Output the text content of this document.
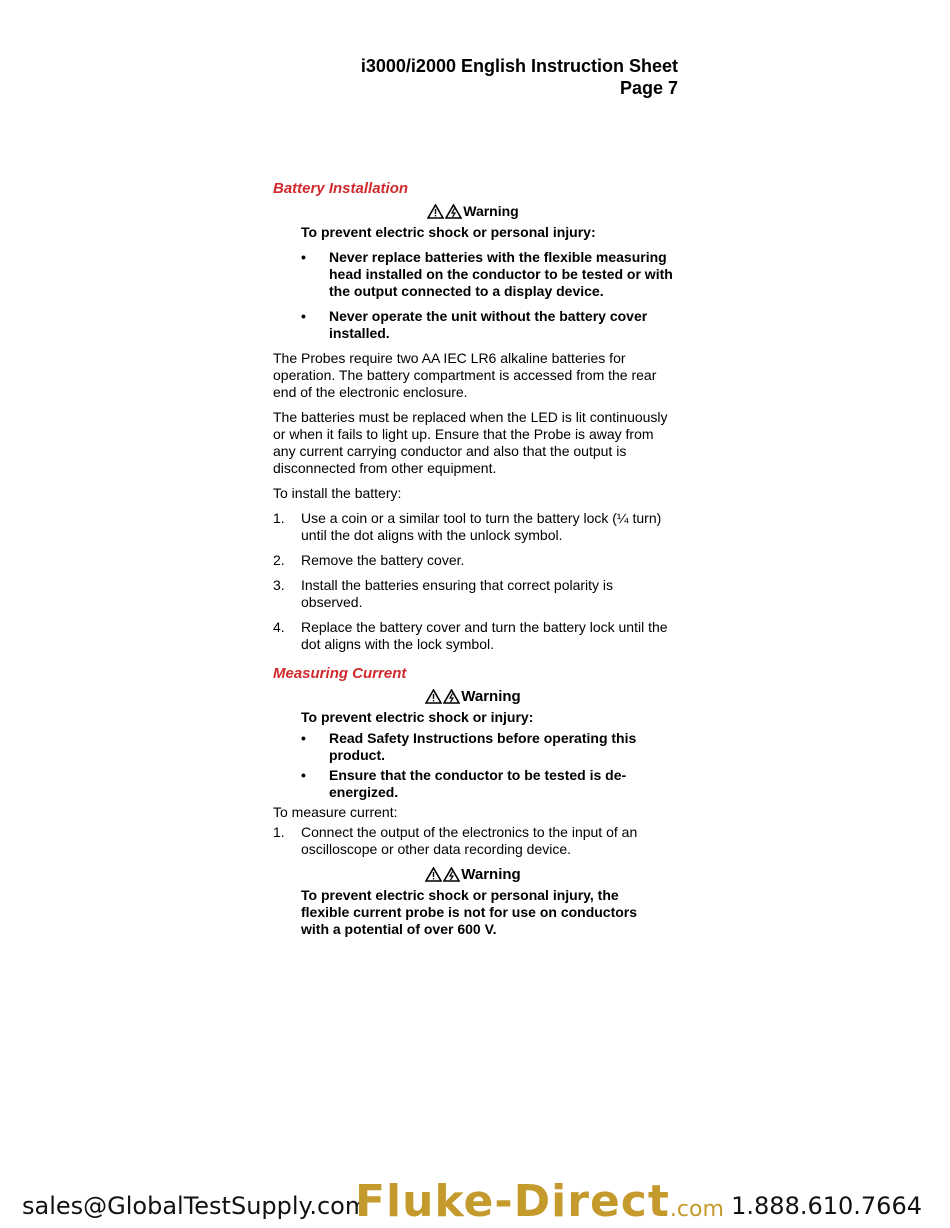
i3000/i2000 English Instruction Sheet
Page 7
Battery Installation
Warning
To prevent electric shock or personal injury:
• Never replace batteries with the flexible measuring head installed on the conductor to be tested or with the output connected to a display device.
• Never operate the unit without the battery cover installed.

The Probes require two AA IEC LR6 alkaline batteries for operation. The battery compartment is accessed from the rear end of the electronic enclosure.

The batteries must be replaced when the LED is lit continuously or when it fails to light up. Ensure that the Probe is away from any current carrying conductor and also that the output is disconnected from other equipment.

To install the battery:

1. Use a coin or a similar tool to turn the battery lock (¼ turn) until the dot aligns with the unlock symbol.
2. Remove the battery cover.
3. Install the batteries ensuring that correct polarity is observed.
4. Replace the battery cover and turn the battery lock until the dot aligns with the lock symbol.
Measuring Current
Warning
To prevent electric shock or injury:
• Read Safety Instructions before operating this product.
• Ensure that the conductor to be tested is de-energized.

To measure current:

1. Connect the output of the electronics to the input of an oscilloscope or other data recording device.
Warning
To prevent electric shock or personal injury, the flexible current probe is not for use on conductors with a potential of over 600 V.
sales@GlobalTestSupply.com
Fluke-Direct.com 1.888.610.7664
